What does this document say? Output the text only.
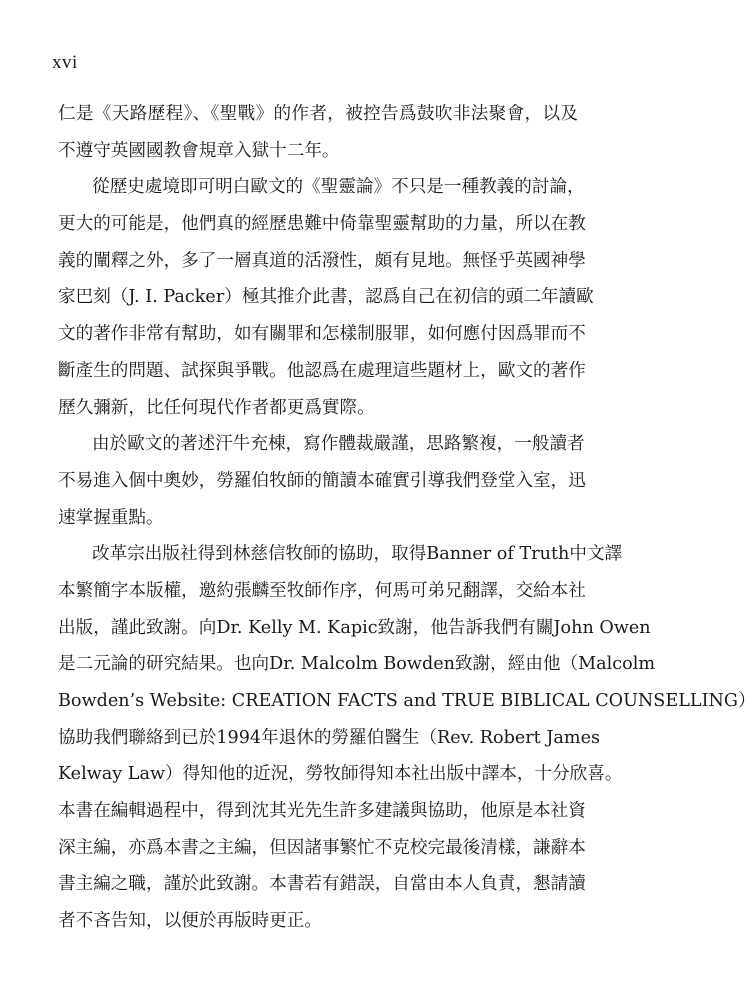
xvi
仁是《天路歷程》、《聖戰》的作者，被控告爲鼓吹非法聚會，以及
不遵守英國國教會規章入獄十二年。
從歷史處境即可明白歐文的《聖靈論》不只是一種教義的討論，
更大的可能是，他們真的經歷患難中倚靠聖靈幫助的力量，所以在教
義的闡釋之外，多了一層真道的活潑性，頗有見地。無怪乎英國神學
家巴刻（J. I. Packer）極其推介此書，認爲自己在初信的頭二年讀歐
文的著作非常有幫助，如有關罪和怎樣制服罪，如何應付因爲罪而不
斷產生的問題、試探與爭戰。他認爲在處理這些題材上，歐文的著作
歷久彌新，比任何現代作者都更爲實際。
由於歐文的著述汗牛充棟，寫作體裁嚴謹，思路繁複，一般讀者
不易進入個中奧妙，勞羅伯牧師的簡讀本確實引導我們登堂入室，迅
速掌握重點。
改革宗出版社得到林慈信牧師的協助，取得Banner of Truth中文譯
本繁簡字本版權，邀約張麟至牧師作序，何馬可弟兄翻譯，交給本社
出版，謹此致謝。向Dr. Kelly M. Kapic致謝，他告訴我們有關John Owen
是二元論的研究結果。也向Dr. Malcolm Bowden致謝，經由他（Malcolm
Bowden’s Website: CREATION FACTS and TRUE BIBLICAL COUNSELLING）
協助我們聯絡到已於1994年退休的勞羅伯醫生（Rev. Robert James
Kelway Law）得知他的近況，勞牧師得知本社出版中譯本，十分欣喜。
本書在編輯過程中，得到沈其光先生許多建議與協助，他原是本社資
深主編，亦爲本書之主編，但因諸事繁忙不克校完最後清樣，謙辭本
書主編之職，謹於此致謝。本書若有錯誤，自當由本人負責，懇請讀
者不吝告知，以便於再版時更正。
